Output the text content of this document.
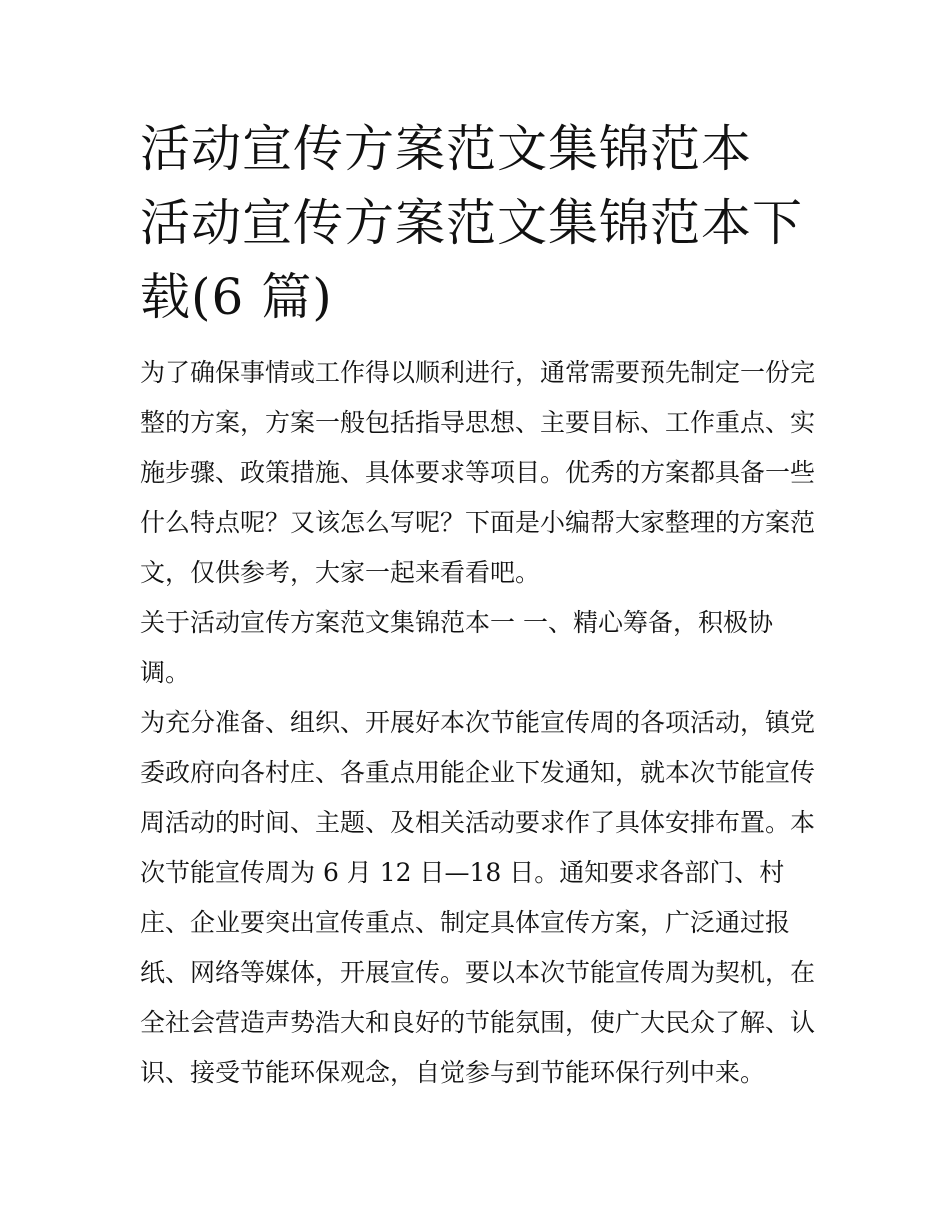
活动宣传方案范文集锦范本 活动宣传方案范文集锦范本下载(6 篇)

为了确保事情或工作得以顺利进行，通常需要预先制定一份完整的方案，方案一般包括指导思想、主要目标、工作重点、实施步骤、政策措施、具体要求等项目。优秀的方案都具备一些什么特点呢？又该怎么写呢？下面是小编帮大家整理的方案范文，仅供参考，大家一起来看看吧。

关于活动宣传方案范文集锦范本一 一、精心筹备，积极协调。

为充分准备、组织、开展好本次节能宣传周的各项活动，镇党委政府向各村庄、各重点用能企业下发通知，就本次节能宣传周活动的时间、主题、及相关活动要求作了具体安排布置。本次节能宣传周为 6 月 12 日—18 日。通知要求各部门、村庄、企业要突出宣传重点、制定具体宣传方案，广泛通过报纸、网络等媒体，开展宣传。要以本次节能宣传周为契机，在全社会营造声势浩大和良好的节能氛围，使广大民众了解、认识、接受节能环保观念，自觉参与到节能环保行列中来。
